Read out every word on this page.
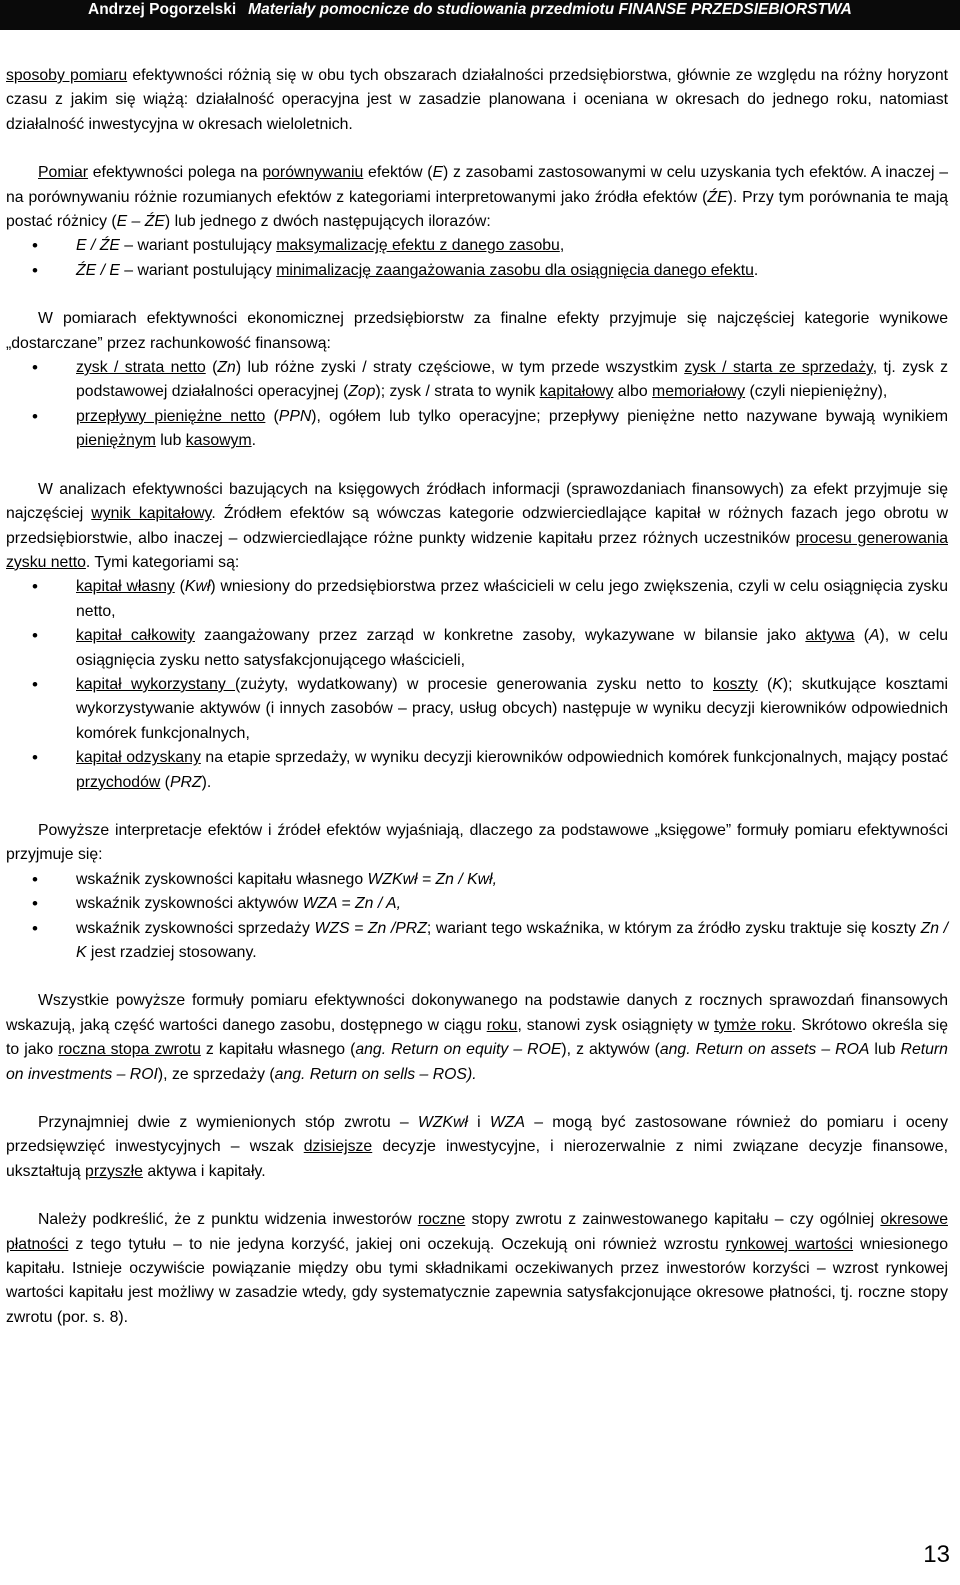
Andrzej Pogorzelski Materiały pomocnicze do studiowania przedmiotu FINANSE PRZEDSIEBIORSTWA

sposoby pomiaru efektywności różnią się w obu tych obszarach działalności przedsiębiorstwa, głównie ze względu na różny horyzont czasu z jakim się wiążą: działalność operacyjna jest w zasadzie planowana i oceniana w okresach do jednego roku, natomiast działalność inwestycyjna w okresach wieloletnich.

Pomiar efektywności polega na porównywaniu efektów (E) z zasobami zastosowanymi w celu uzyskania tych efektów. A inaczej – na porównywaniu różnie rozumianych efektów z kategoriami interpretowanymi jako źródła efektów (ŹE). Przy tym porównania te mają postać różnicy (E – ŹE) lub jednego z dwóch następujących ilorazów:

• E / ŹE – wariant postulujący maksymalizację efektu z danego zasobu,
• ŹE / E – wariant postulujący minimalizację zaangażowania zasobu dla osiągnięcia danego efektu.

W pomiarach efektywności ekonomicznej przedsiębiorstw za finalne efekty przyjmuje się najczęściej kategorie wynikowe „dostarczane” przez rachunkowość finansową:

• zysk / strata netto (Zn) lub różne zyski / straty częściowe, w tym przede wszystkim zysk / starta ze sprzedaży, tj. zysk z podstawowej działalności operacyjnej (Zop); zysk / strata to wynik kapitałowy albo memoriałowy (czyli niepieniężny),
• przepływy pieniężne netto (PPN), ogółem lub tylko operacyjne; przepływy pieniężne netto nazywane bywają wynikiem pieniężnym lub kasowym.

W analizach efektywności bazujących na księgowych źródłach informacji (sprawozdaniach finansowych) za efekt przyjmuje się najczęściej wynik kapitałowy. Źródłem efektów są wówczas kategorie odzwierciedlające kapitał w różnych fazach jego obrotu w przedsiębiorstwie, albo inaczej – odzwierciedlające różne punkty widzenie kapitału przez różnych uczestników procesu generowania zysku netto. Tymi kategoriami są:

• kapitał własny (Kwł) wniesiony do przedsiębiorstwa przez właścicieli w celu jego zwiększenia, czyli w celu osiągnięcia zysku netto,
• kapitał całkowity zaangażowany przez zarząd w konkretne zasoby, wykazywane w bilansie jako aktywa (A), w celu osiągnięcia zysku netto satysfakcjonującego właścicieli,
• kapitał wykorzystany (zużyty, wydatkowany) w procesie generowania zysku netto to koszty (K); skutkujące kosztami wykorzystywanie aktywów (i innych zasobów – pracy, usług obcych) następuje w wyniku decyzji kierowników odpowiednich komórek funkcjonalnych,
• kapitał odzyskany na etapie sprzedaży, w wyniku decyzji kierowników odpowiednich komórek funkcjonalnych, mający postać przychodów (PRZ).

Powyższe interpretacje efektów i źródeł efektów wyjaśniają, dlaczego za podstawowe „księgowe” formuły pomiaru efektywności przyjmuje się:

• wskaźnik zyskowności kapitału własnego WZKwł = Zn / Kwł,
• wskaźnik zyskowności aktywów WZA = Zn / A,
• wskaźnik zyskowności sprzedaży WZS = Zn /PRZ; wariant tego wskaźnika, w którym za źródło zysku traktuje się koszty Zn / K jest rzadziej stosowany.

Wszystkie powyższe formuły pomiaru efektywności dokonywanego na podstawie danych z rocznych sprawozdań finansowych wskazują, jaką część wartości danego zasobu, dostępnego w ciągu roku, stanowi zysk osiągnięty w tymże roku. Skrótowo określa się to jako roczna stopa zwrotu z kapitału własnego (ang. Return on equity – ROE), z aktywów (ang. Return on assets – ROA lub Return on investments – ROI), ze sprzedaży (ang. Return on sells – ROS).

Przynajmniej dwie z wymienionych stóp zwrotu – WZKwł i WZA – mogą być zastosowane również do pomiaru i oceny przedsięwzięć inwestycyjnych – wszak dzisiejsze decyzje inwestycyjne, i nierozerwalnie z nimi związane decyzje finansowe, ukształtują przyszłe aktywa i kapitały.

Należy podkreślić, że z punktu widzenia inwestorów roczne stopy zwrotu z zainwestowanego kapitału – czy ogólniej okresowe płatności z tego tytułu – to nie jedyna korzyść, jakiej oni oczekują. Oczekują oni również wzrostu rynkowej wartości wniesionego kapitału. Istnieje oczywiście powiązanie między obu tymi składnikami oczekiwanych przez inwestorów korzyści – wzrost rynkowej wartości kapitału jest możliwy w zasadzie wtedy, gdy systematycznie zapewnia satysfakcjonujące okresowe płatności, tj. roczne stopy zwrotu (por. s. 8).

13
